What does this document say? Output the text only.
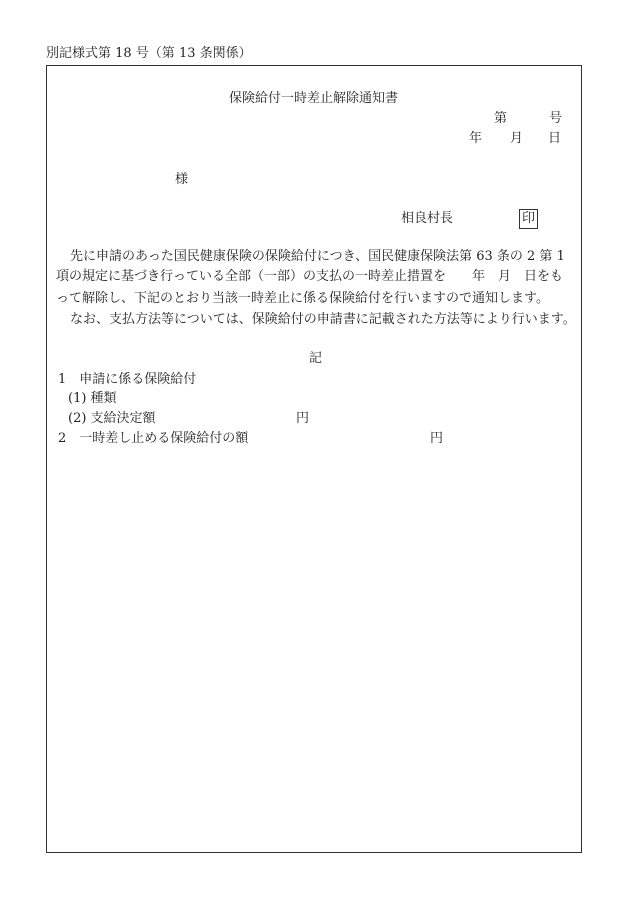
別記様式第 18 号（第 13 条関係）
保険給付一時差止解除通知書
第	号
年 月 日
様
相良村長	印
先に申請のあった国民健康保険の保険給付につき、国民健康保険法第 63 条の 2 第 1
項の規定に基づき行っている全部（一部）の支払の一時差止措置を　　年　月　日をも
って解除し、下記のとおり当該一時差止に係る保険給付を行いますので通知します。
なお、支払方法等については、保険給付の申請書に記載された方法等により行います。
記
1　申請に係る保険給付
(1) 種類
(2) 支給決定額	円
2　一時差し止める保険給付の額	円
